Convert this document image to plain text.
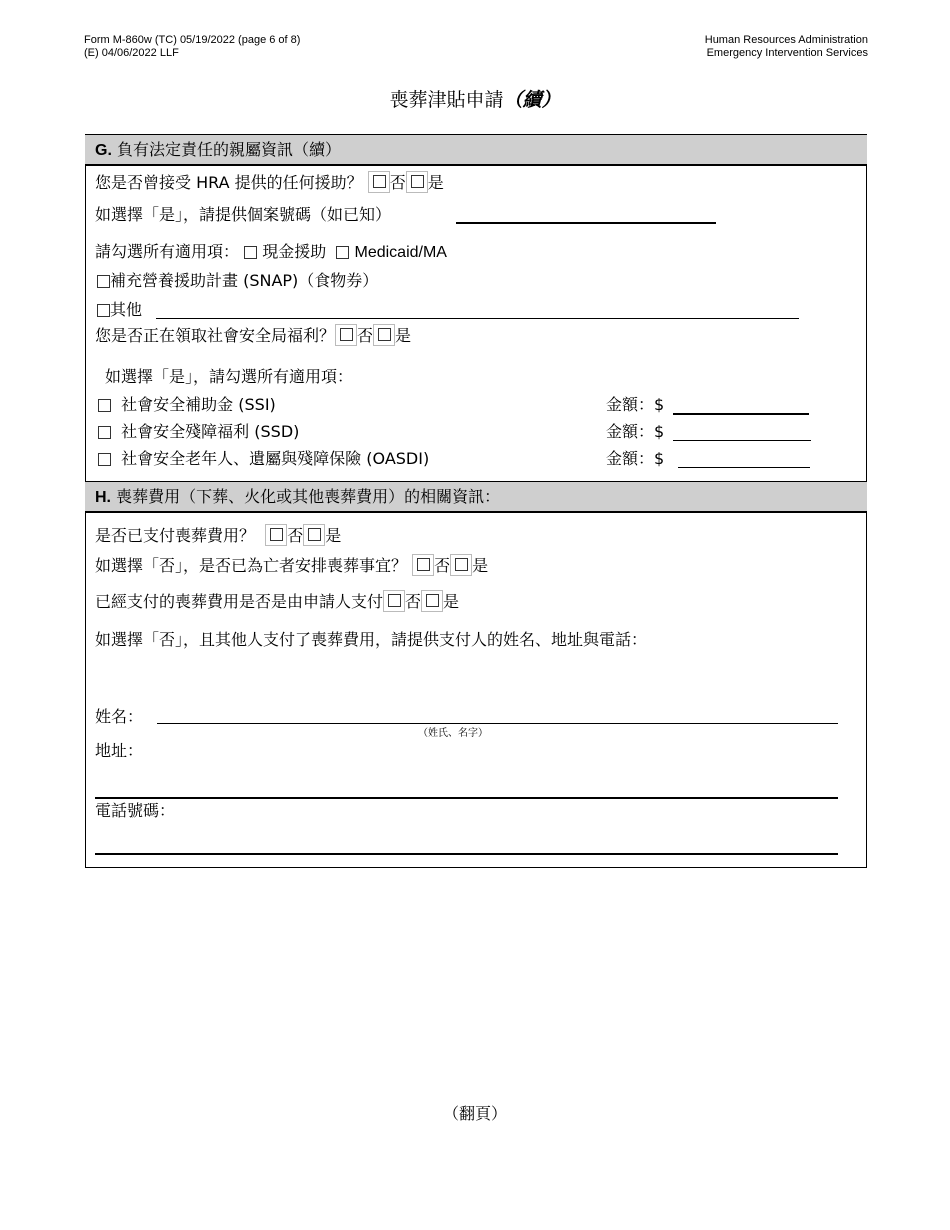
Form M-860w (TC) 05/19/2022 (page 6 of 8)
(E) 04/06/2022 LLF
Human Resources Administration
Emergency Intervention Services
喪葬津貼申請（續）
G. 負有法定責任的親屬資訊（續）
您是否曾接受 HRA 提供的任何援助？ 否 是
如選擇「是」，請提供個案號碼（如已知）
請勾選所有適用項： 現金援助 Medicaid/MA
補充營養援助計畫 (SNAP)（食物券）
其他
您是否正在領取社會安全局福利？ 否 是
如選擇「是」，請勾選所有適用項：
社會安全補助金 (SSI)	金額：$
社會安全殘障福利 (SSD)	金額：$
社會安全老年人、遺屬與殘障保險 (OASDI)	金額：$
H. 喪葬費用（下葬、火化或其他喪葬費用）的相關資訊：
是否已支付喪葬費用？ 否 是
如選擇「否」，是否已為亡者安排喪葬事宜？ 否 是
已經支付的喪葬費用是否是由申請人支付 否 是
如選擇「否」，且其他人支付了喪葬費用，請提供支付人的姓名、地址與電話：
姓名：
（姓氏、名字）
地址：
電話號碼：
（翻頁）
